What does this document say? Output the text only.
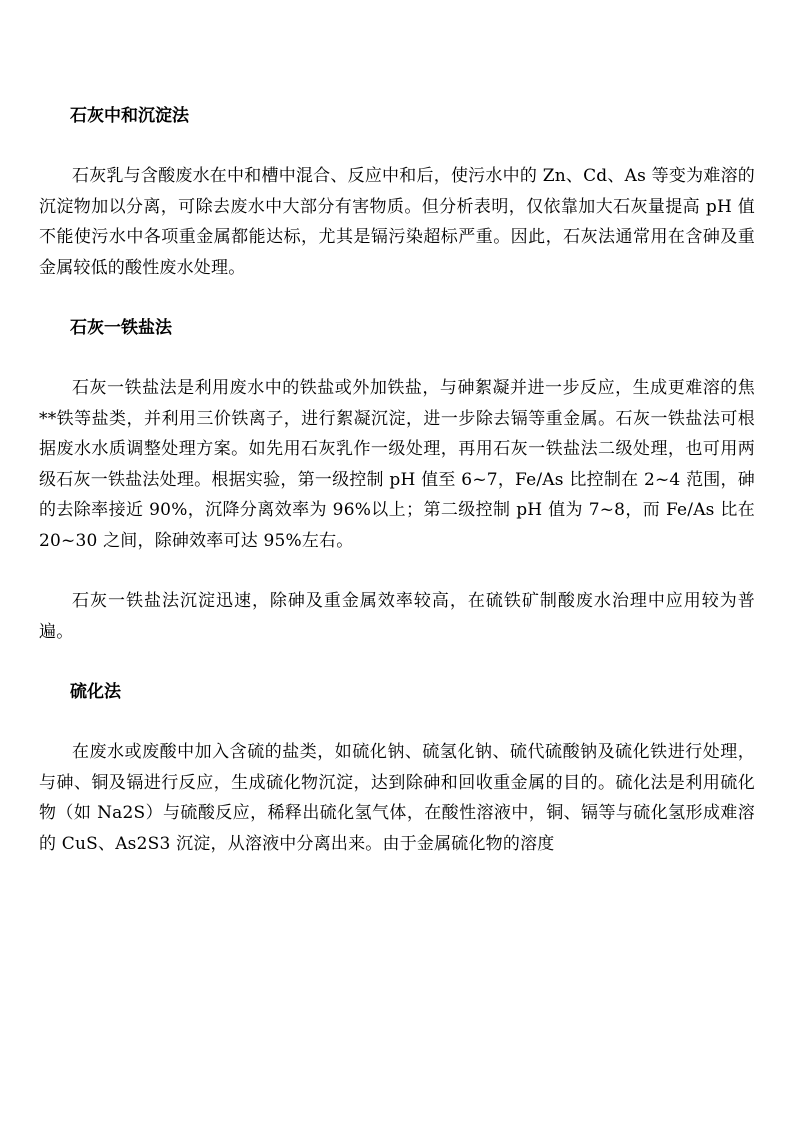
石灰中和沉淀法

石灰乳与含酸废水在中和槽中混合、反应中和后，使污水中的 Zn、Cd、As 等变为难溶的沉淀物加以分离，可除去废水中大部分有害物质。但分析表明，仅依靠加大石灰量提高 pH 值不能使污水中各项重金属都能达标，尤其是镉污染超标严重。因此，石灰法通常用在含砷及重金属较低的酸性废水处理。

石灰一铁盐法

石灰一铁盐法是利用废水中的铁盐或外加铁盐，与砷絮凝并进一步反应，生成更难溶的焦**铁等盐类，并利用三价铁离子，进行絮凝沉淀，进一步除去镉等重金属。石灰一铁盐法可根据废水水质调整处理方案。如先用石灰乳作一级处理，再用石灰一铁盐法二级处理，也可用两级石灰一铁盐法处理。根据实验，第一级控制 pH 值至 6~7，Fe/As 比控制在 2~4 范围，砷的去除率接近 90%，沉降分离效率为 96%以上；第二级控制 pH 值为 7~8，而 Fe/As 比在 20~30 之间，除砷效率可达 95%左右。

石灰一铁盐法沉淀迅速，除砷及重金属效率较高，在硫铁矿制酸废水治理中应用较为普遍。

硫化法

在废水或废酸中加入含硫的盐类，如硫化钠、硫氢化钠、硫代硫酸钠及硫化铁进行处理，与砷、铜及镉进行反应，生成硫化物沉淀，达到除砷和回收重金属的目的。硫化法是利用硫化物（如 Na2S）与硫酸反应，稀释出硫化氢气体，在酸性溶液中，铜、镉等与硫化氢形成难溶的 CuS、As2S3 沉淀，从溶液中分离出来。由于金属硫化物的溶度
